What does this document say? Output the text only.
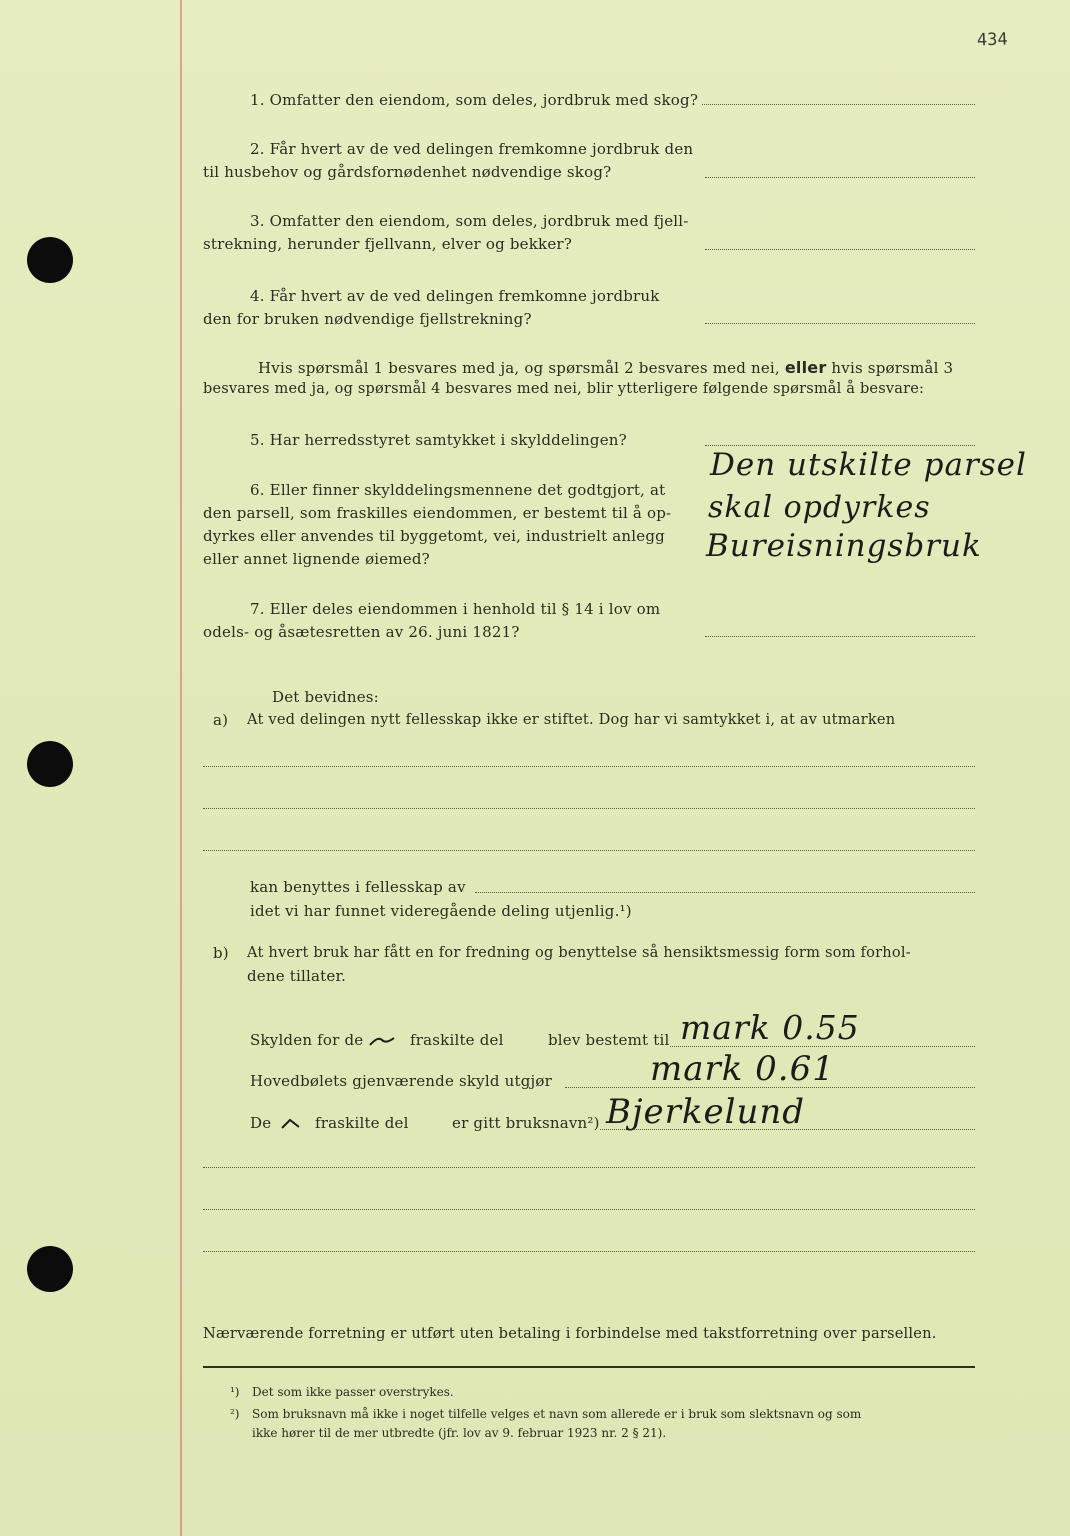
434
1. Omfatter den eiendom, som deles, jordbruk med skog?
2. Får hvert av de ved delingen fremkomne jordbruk den
til husbehov og gårdsfornødenhet nødvendige skog?
3. Omfatter den eiendom, som deles, jordbruk med fjell-
strekning, herunder fjellvann, elver og bekker?
4. Får hvert av de ved delingen fremkomne jordbruk
den for bruken nødvendige fjellstrekning?
Hvis spørsmål 1 besvares med ja, og spørsmål 2 besvares med nei, eller hvis spørsmål 3
besvares med ja, og spørsmål 4 besvares med nei, blir ytterligere følgende spørsmål å besvare:
5. Har herredsstyret samtykket i skylddelingen?
6. Eller finner skylddelingsmennene det godtgjort, at
den parsell, som fraskilles eiendommen, er bestemt til å op-
dyrkes eller anvendes til byggetomt, vei, industrielt anlegg
eller annet lignende øiemed?
Den utskilte parsel
skal opdyrkes
Bureisningsbruk
7. Eller deles eiendommen i henhold til § 14 i lov om
odels- og åsætesretten av 26. juni 1821?
Det bevidnes:
a) At ved delingen nytt fellesskap ikke er stiftet. Dog har vi samtykket i, at av utmarken
kan benyttes i fellesskap av
idet vi har funnet videregående deling utjenlig.¹)
b) At hvert bruk har fått en for fredning og benyttelse så hensiktsmessig form som forhol-
dene tillater.
Skylden for de	fraskilte del	blev bestemt til mark 0.55
Hovedbølets gjenværende skyld utgjør	mark 0.61
De	fraskilte del	er gitt bruksnavn²) Bjerkelund
Nærværende forretning er utført uten betaling i forbindelse med takstforretning over parsellen.
¹) Det som ikke passer overstrykes.
²) Som bruksnavn må ikke i noget tilfelle velges et navn som allerede er i bruk som slektsnavn og som
ikke hører til de mer utbredte (jfr. lov av 9. februar 1923 nr. 2 § 21).
